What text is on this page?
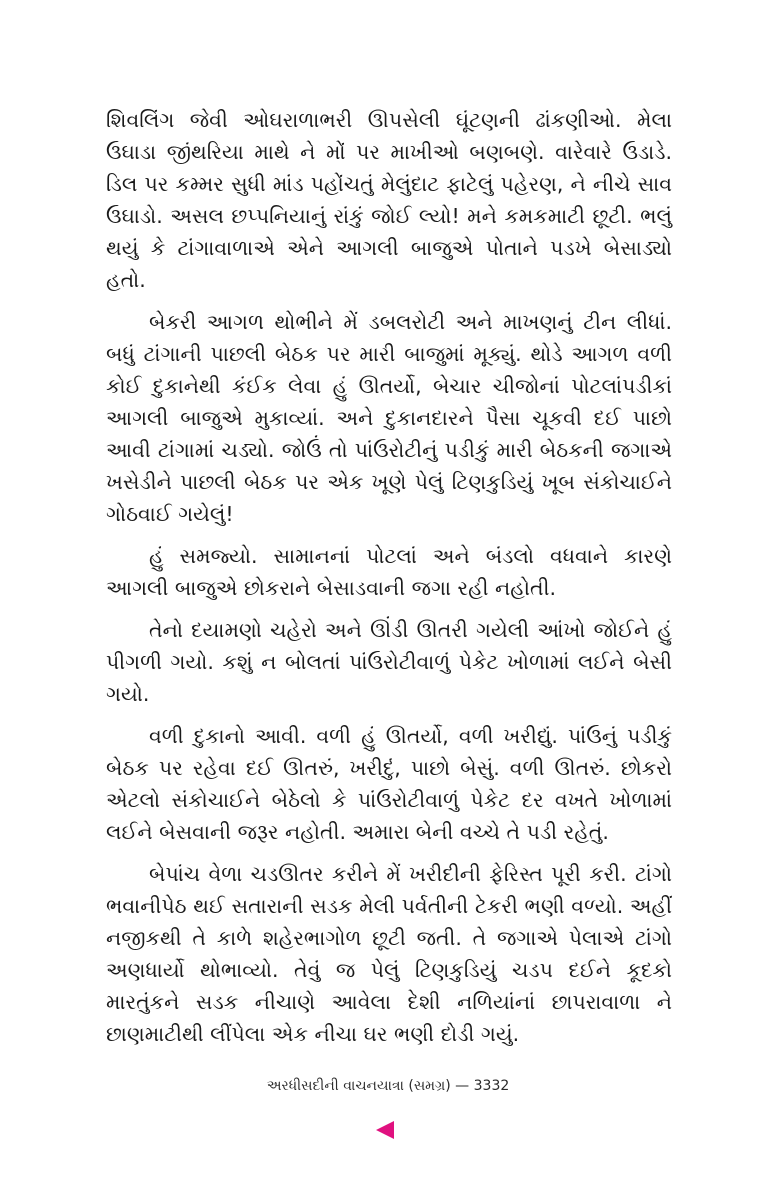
શિવલિંગ જેવી ઓઘરાળાભરી ઊપસેલી ઘૂંટણની ઢાંકણીઓ. મેલા ઉઘાડા જીંથરિયા માથે ને મોં પર માખીઓ બણબણે. વારેવારે ઉડાડે. ડિલ પર કમ્મર સુધી માંડ પહોંચતું મેલુંદાટ ફાટેલું પહેરણ, ને નીચે સાવ ઉઘાડો. અસલ છપ્પનિયાનું રાંકું જોઈ લ્યો! મને કમકમાટી છૂટી. ભલું થયું કે ટાંગાવાળાએ એને આગલી બાજુએ પોતાને પડખે બેસાડ્યો હતો.

બેકરી આગળ થોભીને મેં ડબલરોટી અને માખણનું ટીન લીધાં. બધું ટાંગાની પાછલી બેઠક પર મારી બાજુમાં મૂક્યું. થોડે આગળ વળી કોઈ દુકાનેથી કંઈક લેવા હું ઊતર્યો, બેચાર ચીજોનાં પોટલાંપડીકાં આગલી બાજુએ મુકાવ્યાં. અને દુકાનદારને પૈસા ચૂકવી દઈ પાછો આવી ટાંગામાં ચડ્યો. જોઉં તો પાંઉરોટીનું પડીકું મારી બેઠકની જગાએ ખસેડીને પાછલી બેઠક પર એક ખૂણે પેલું ટિણકુડિયું ખૂબ સંકોચાઈને ગોઠવાઈ ગયેલું!

હું સમજ્યો. સામાનનાં પોટલાં અને બંડલો વધવાને કારણે આગલી બાજુએ છોકરાને બેસાડવાની જગા રહી નહોતી.

તેનો દયામણો ચહેરો અને ઊંડી ઊતરી ગયેલી આંખો જોઈને હું પીગળી ગયો. કશું ન બોલતાં પાંઉરોટીવાળું પેકેટ ખોળામાં લઈને બેસી ગયો.

વળી દુકાનો આવી. વળી હું ઊતર્યો, વળી ખરીદ્યું. પાંઉનું પડીકું બેઠક પર રહેવા દઈ ઊતરું, ખરીદું, પાછો બેસું. વળી ઊતરું. છોકરો એટલો સંકોચાઈને બેઠેલો કે પાંઉરોટીવાળું પેકેટ દર વખતે ખોળામાં લઈને બેસવાની જરૂર નહોતી. અમારા બેની વચ્ચે તે પડી રહેતું.

બેપાંચ વેળા ચડઊતર કરીને મેં ખરીદીની ફેરિસ્ત પૂરી કરી. ટાંગો ભવાનીપેઠ થઈ સતારાની સડક મેલી પર્વતીની ટેકરી ભણી વળ્યો. અહીં નજીકથી તે કાળે શહેરભાગોળ છૂટી જતી. તે જગાએ પેલાએ ટાંગો અણધાર્યો થોભાવ્યો. તેવું જ પેલું ટિણકુડિયું ચડપ દઈને કૂદકો મારતુંકને સડક નીચાણે આવેલા દેશી નળિયાંનાં છાપરાવાળા ને છાણમાટીથી લીંપેલા એક નીચા ઘર ભણી દોડી ગયું.

અરધીસદીની વાચનયાત્રા (સમગ્ર) — 3332
